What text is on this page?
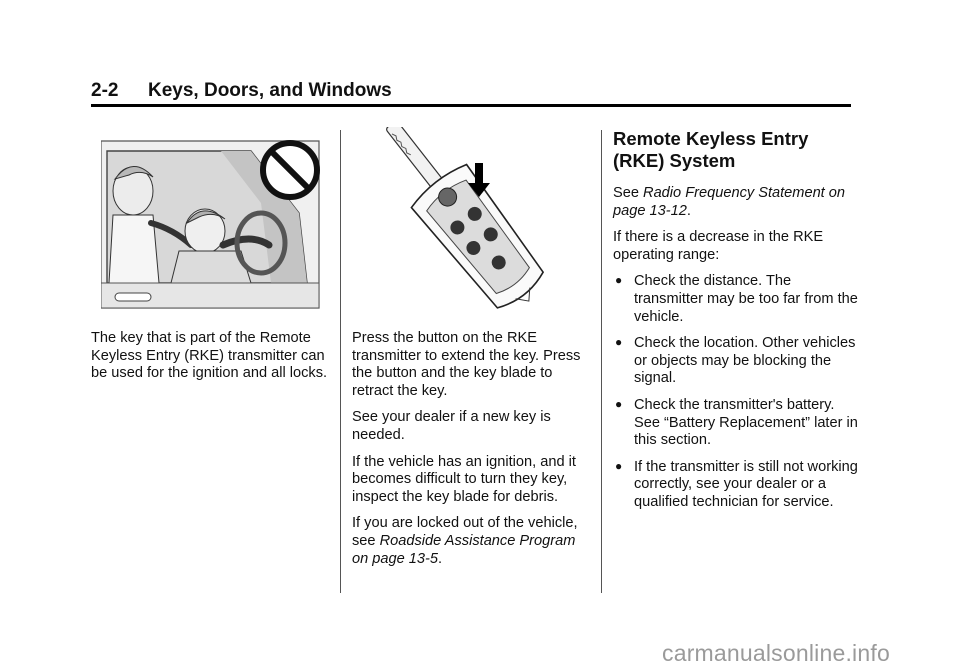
2-2 Keys, Doors, and Windows

The key that is part of the Remote Keyless Entry (RKE) transmitter can be used for the ignition and all locks.

Press the button on the RKE transmitter to extend the key. Press the button and the key blade to retract the key.

See your dealer if a new key is needed.

If the vehicle has an ignition, and it becomes difficult to turn they key, inspect the key blade for debris.

If you are locked out of the vehicle, see Roadside Assistance Program on page 13-5.

Remote Keyless Entry (RKE) System

See Radio Frequency Statement on page 13-12.

If there is a decrease in the RKE operating range:

● Check the distance. The transmitter may be too far from the vehicle.
● Check the location. Other vehicles or objects may be blocking the signal.
● Check the transmitter's battery. See “Battery Replacement” later in this section.
● If the transmitter is still not working correctly, see your dealer or a qualified technician for service.
carmanualsonline.info
